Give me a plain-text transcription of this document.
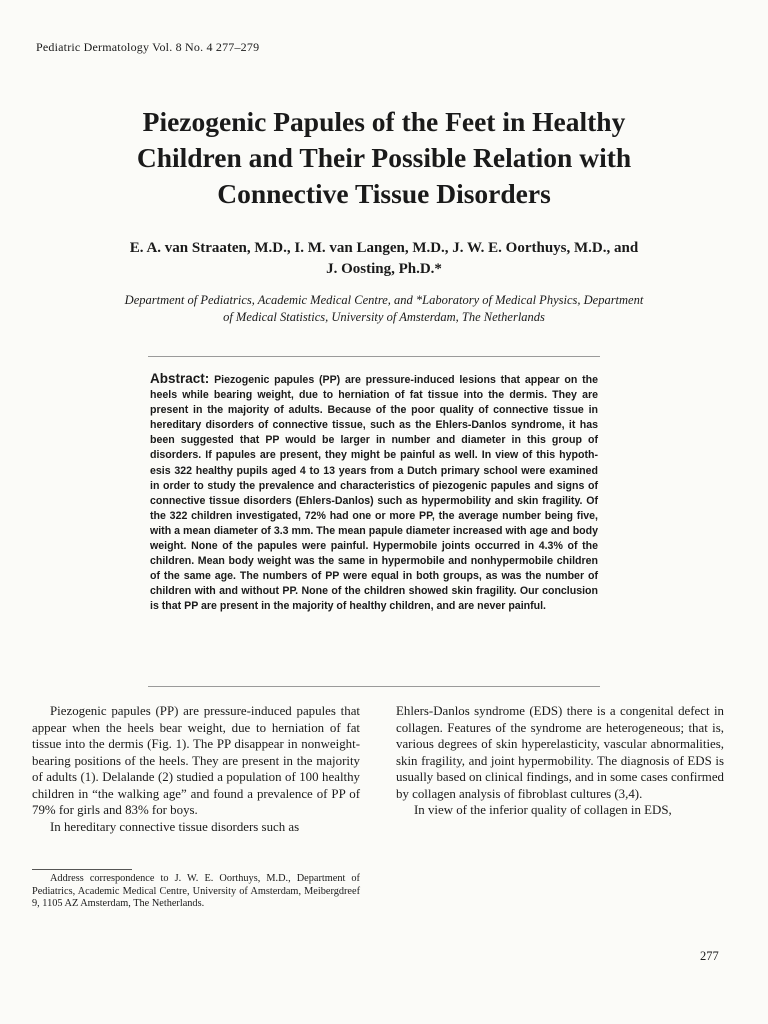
Pediatric Dermatology Vol. 8 No. 4 277–279
Piezogenic Papules of the Feet in Healthy
Children and Their Possible Relation with
Connective Tissue Disorders
E. A. van Straaten, M.D., I. M. van Langen, M.D., J. W. E. Oorthuys, M.D., and
J. Oosting, Ph.D.*
Department of Pediatrics, Academic Medical Centre, and *Laboratory of Medical Physics, Department
of Medical Statistics, University of Amsterdam, The Netherlands
Abstract: Piezogenic papules (PP) are pressure-induced lesions that appear on the heels while bearing weight, due to herniation of fat tissue into the dermis. They are present in the majority of adults. Because of the poor quality of connective tissue in hereditary disorders of connective tissue, such as the Ehlers-Danlos syndrome, it has been suggested that PP would be larger in number and diameter in this group of disorders. If papules are present, they might be painful as well. In view of this hypothesis 322 healthy pupils aged 4 to 13 years from a Dutch primary school were examined in order to study the prevalence and characteristics of piezogenic papules and signs of connective tissue disorders (Ehlers-Danlos) such as hypermobility and skin fragility. Of the 322 children investigated, 72% had one or more PP, the average number being five, with a mean diameter of 3.3 mm. The mean papule diameter increased with age and body weight. None of the papules were painful. Hypermobile joints occurred in 4.3% of the children. Mean body weight was the same in hypermobile and nonhypermobile children of the same age. The numbers of PP were equal in both groups, as was the number of children with and without PP. None of the children showed skin fragility. Our conclusion is that PP are present in the majority of healthy children, and are never painful.

Piezogenic papules (PP) are pressure-induced papules that appear when the heels bear weight, due to herniation of fat tissue into the dermis (Fig. 1). The PP disappear in nonweight-bearing positions of the heels. They are present in the majority of adults (1). Delalande (2) studied a population of 100 healthy children in “the walking age” and found a prevalence of PP of 79% for girls and 83% for boys.

In hereditary connective tissue disorders such as

Ehlers-Danlos syndrome (EDS) there is a congenital defect in collagen. Features of the syndrome are heterogeneous; that is, various degrees of skin hyperelasticity, vascular abnormalities, skin fragility, and joint hypermobility. The diagnosis of EDS is usually based on clinical findings, and in some cases confirmed by collagen analysis of fibroblast cultures (3,4).

In view of the inferior quality of collagen in EDS,

Address correspondence to J. W. E. Oorthuys, M.D., Department of Pediatrics, Academic Medical Centre, University of Amsterdam, Meibergdreef 9, 1105 AZ Amsterdam, The Netherlands.

277
